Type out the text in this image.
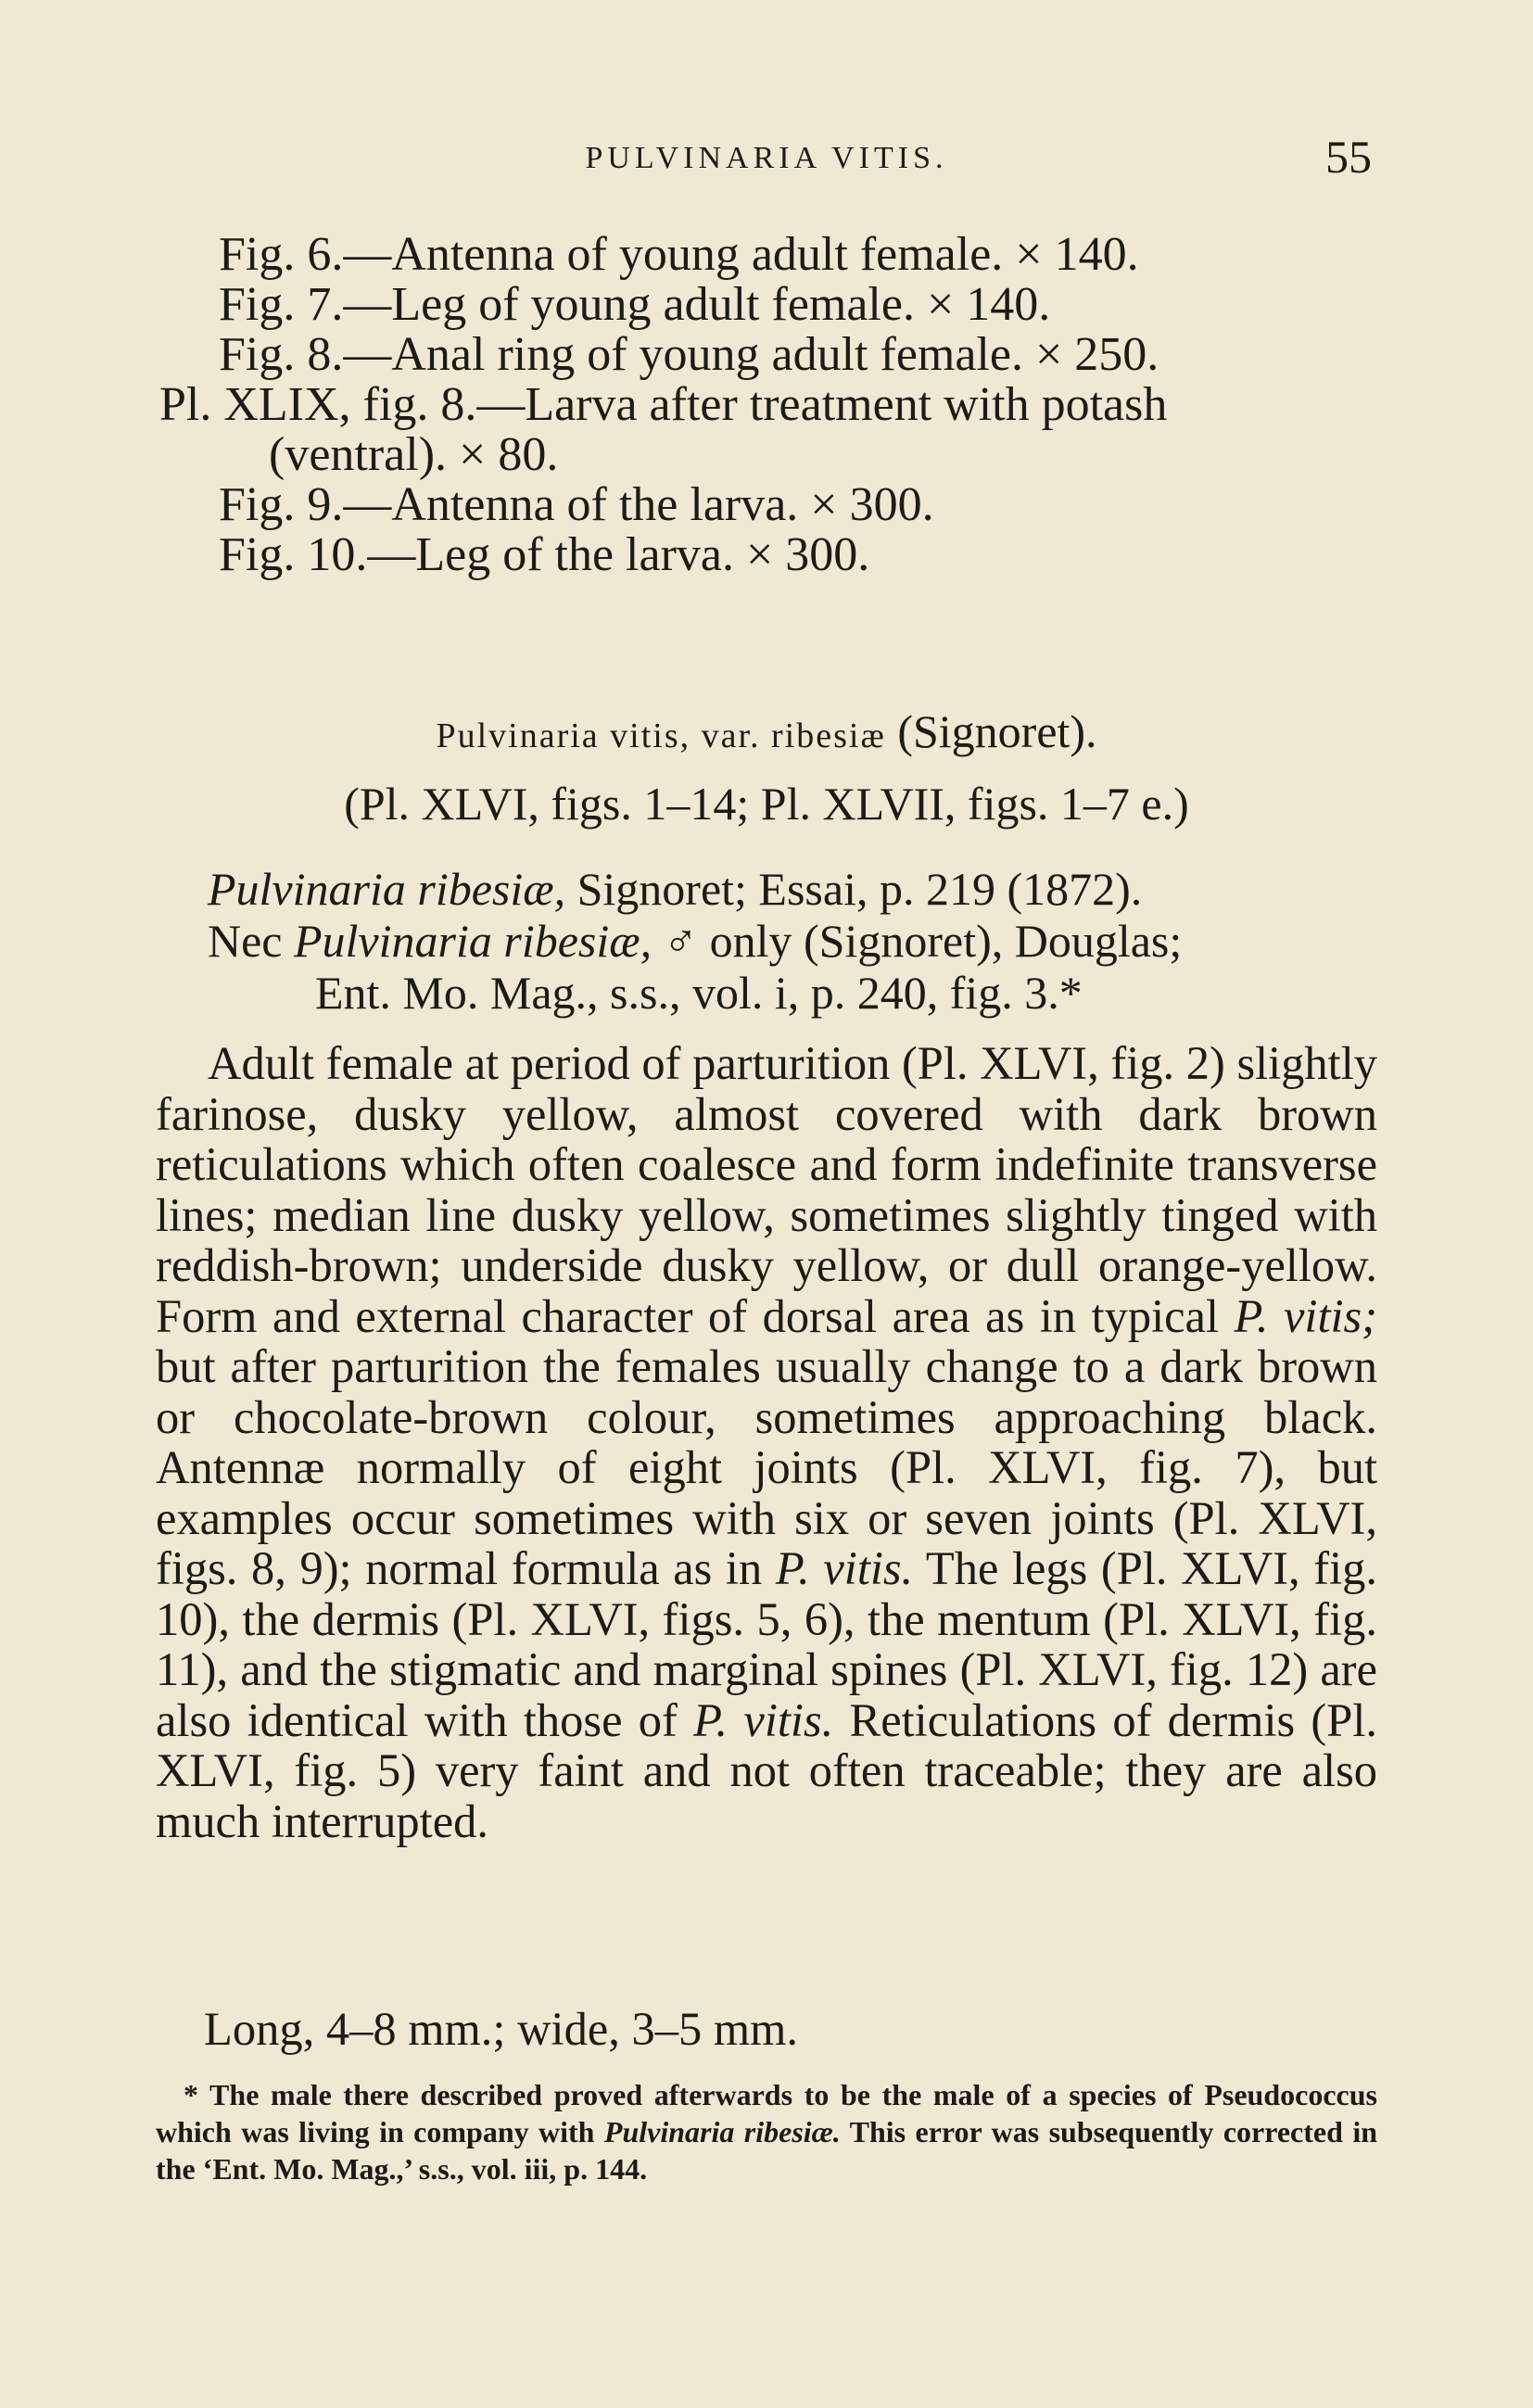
PULVINARIA VITIS.	55
Fig. 6.—Antenna of young adult female. × 140.
Fig. 7.—Leg of young adult female. × 140.
Fig. 8.—Anal ring of young adult female. × 250.
Pl. XLIX, fig. 8.—Larva after treatment with potash
(ventral). × 80.
Fig. 9.—Antenna of the larva. × 300.
Fig. 10.—Leg of the larva. × 300.
Pulvinaria vitis, var. ribesiæ (Signoret).
(Pl. XLVI, figs. 1–14; Pl. XLVII, figs. 1–7 e.)
Pulvinaria ribesiæ, Signoret; Essai, p. 219 (1872).
Nec Pulvinaria ribesiæ, ♂ only (Signoret), Douglas;
Ent. Mo. Mag., s.s., vol. i, p. 240, fig. 3.*

Adult female at period of parturition (Pl. XLVI, fig. 2) slightly farinose, dusky yellow, almost covered with dark brown reticulations which often coalesce and form indefinite transverse lines; median line dusky yellow, sometimes slightly tinged with reddish-brown; underside dusky yellow, or dull orange-yellow. Form and external character of dorsal area as in typical P. vitis; but after parturition the females usually change to a dark brown or chocolate-brown colour, sometimes approaching black. Antennæ normally of eight joints (Pl. XLVI, fig. 7), but examples occur sometimes with six or seven joints (Pl. XLVI, figs. 8, 9); normal formula as in P. vitis. The legs (Pl. XLVI, fig. 10), the dermis (Pl. XLVI, figs. 5, 6), the mentum (Pl. XLVI, fig. 11), and the stigmatic and marginal spines (Pl. XLVI, fig. 12) are also identical with those of P. vitis. Reticulations of dermis (Pl. XLVI, fig. 5) very faint and not often traceable; they are also much interrupted.

Long, 4–8 mm.; wide, 3–5 mm.

* The male there described proved afterwards to be the male of a species of Pseudococcus which was living in company with Pulvinaria ribesiæ. This error was subsequently corrected in the ‘Ent. Mo. Mag.,’ s.s., vol. iii, p. 144.
